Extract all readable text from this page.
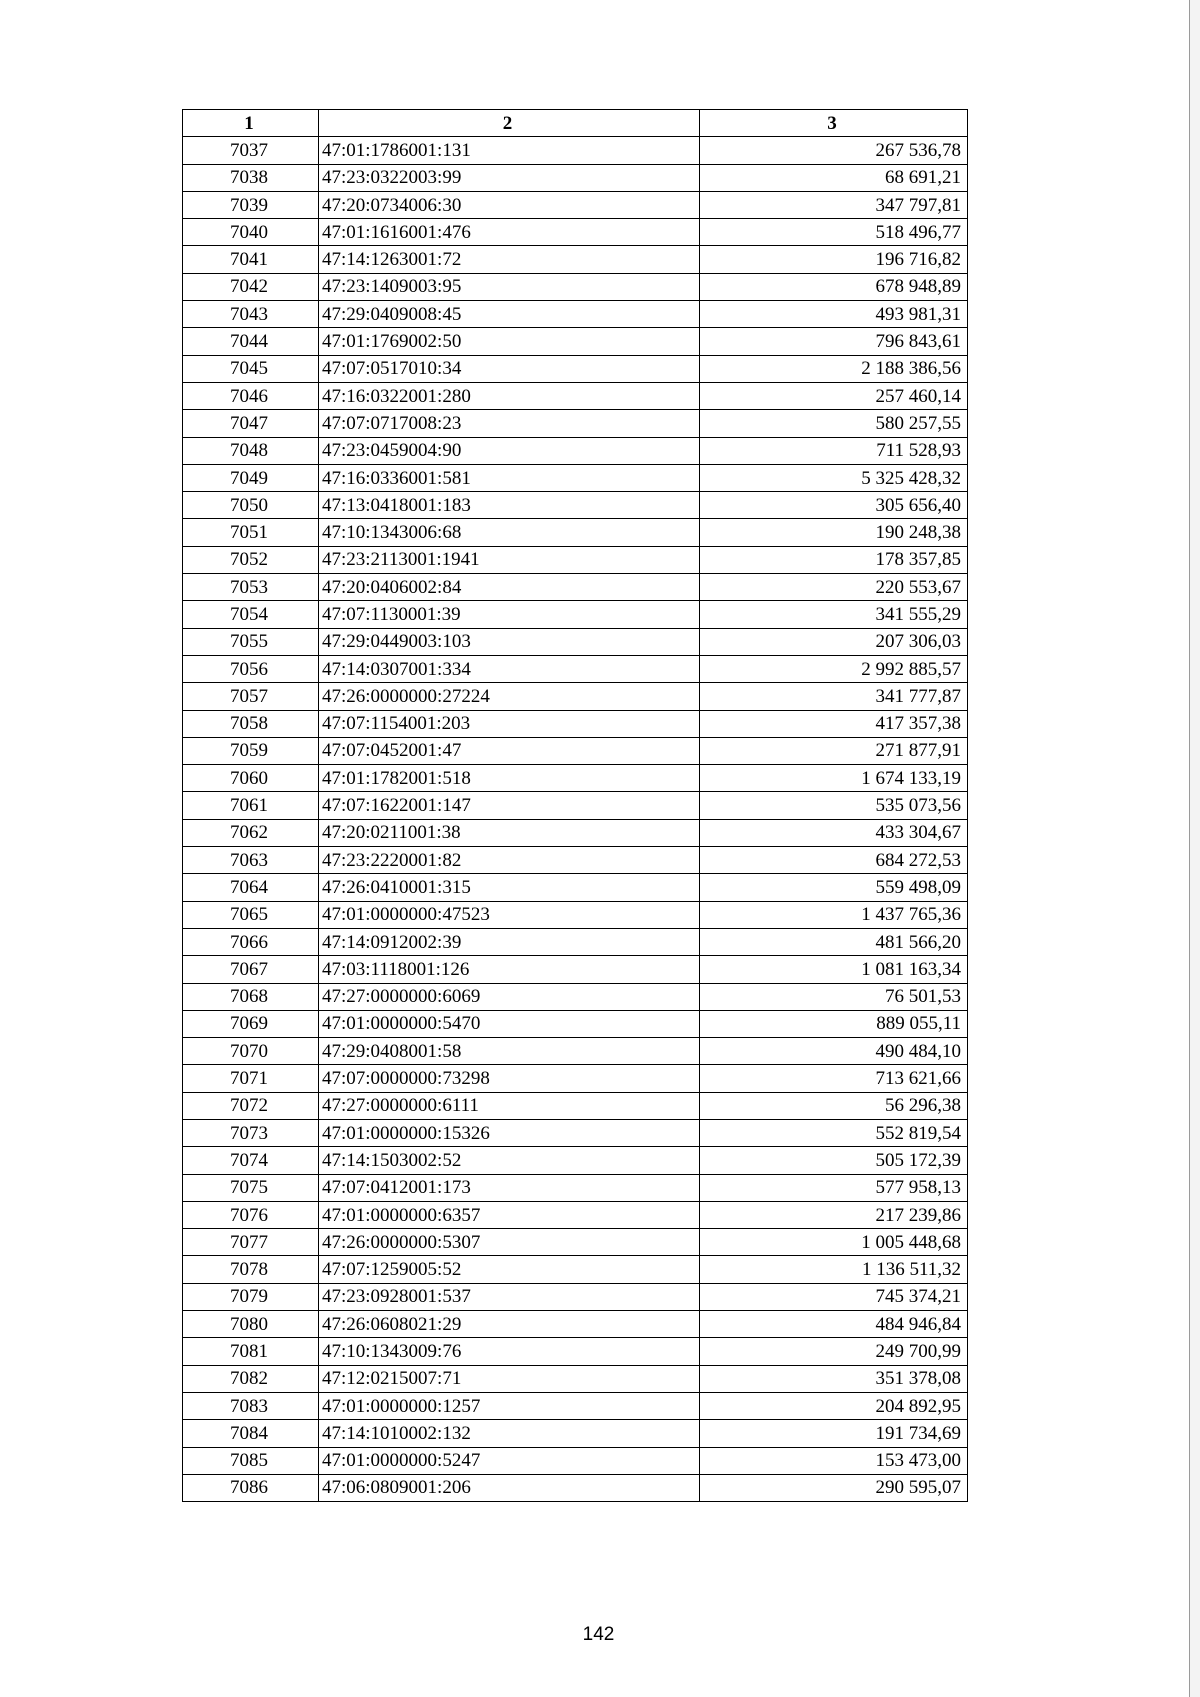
1	2	3
7037	47:01:1786001:131	267 536,78
7038	47:23:0322003:99	68 691,21
7039	47:20:0734006:30	347 797,81
7040	47:01:1616001:476	518 496,77
7041	47:14:1263001:72	196 716,82
7042	47:23:1409003:95	678 948,89
7043	47:29:0409008:45	493 981,31
7044	47:01:1769002:50	796 843,61
7045	47:07:0517010:34	2 188 386,56
7046	47:16:0322001:280	257 460,14
7047	47:07:0717008:23	580 257,55
7048	47:23:0459004:90	711 528,93
7049	47:16:0336001:581	5 325 428,32
7050	47:13:0418001:183	305 656,40
7051	47:10:1343006:68	190 248,38
7052	47:23:2113001:1941	178 357,85
7053	47:20:0406002:84	220 553,67
7054	47:07:1130001:39	341 555,29
7055	47:29:0449003:103	207 306,03
7056	47:14:0307001:334	2 992 885,57
7057	47:26:0000000:27224	341 777,87
7058	47:07:1154001:203	417 357,38
7059	47:07:0452001:47	271 877,91
7060	47:01:1782001:518	1 674 133,19
7061	47:07:1622001:147	535 073,56
7062	47:20:0211001:38	433 304,67
7063	47:23:2220001:82	684 272,53
7064	47:26:0410001:315	559 498,09
7065	47:01:0000000:47523	1 437 765,36
7066	47:14:0912002:39	481 566,20
7067	47:03:1118001:126	1 081 163,34
7068	47:27:0000000:6069	76 501,53
7069	47:01:0000000:5470	889 055,11
7070	47:29:0408001:58	490 484,10
7071	47:07:0000000:73298	713 621,66
7072	47:27:0000000:6111	56 296,38
7073	47:01:0000000:15326	552 819,54
7074	47:14:1503002:52	505 172,39
7075	47:07:0412001:173	577 958,13
7076	47:01:0000000:6357	217 239,86
7077	47:26:0000000:5307	1 005 448,68
7078	47:07:1259005:52	1 136 511,32
7079	47:23:0928001:537	745 374,21
7080	47:26:0608021:29	484 946,84
7081	47:10:1343009:76	249 700,99
7082	47:12:0215007:71	351 378,08
7083	47:01:0000000:1257	204 892,95
7084	47:14:1010002:132	191 734,69
7085	47:01:0000000:5247	153 473,00
7086	47:06:0809001:206	290 595,07
142
